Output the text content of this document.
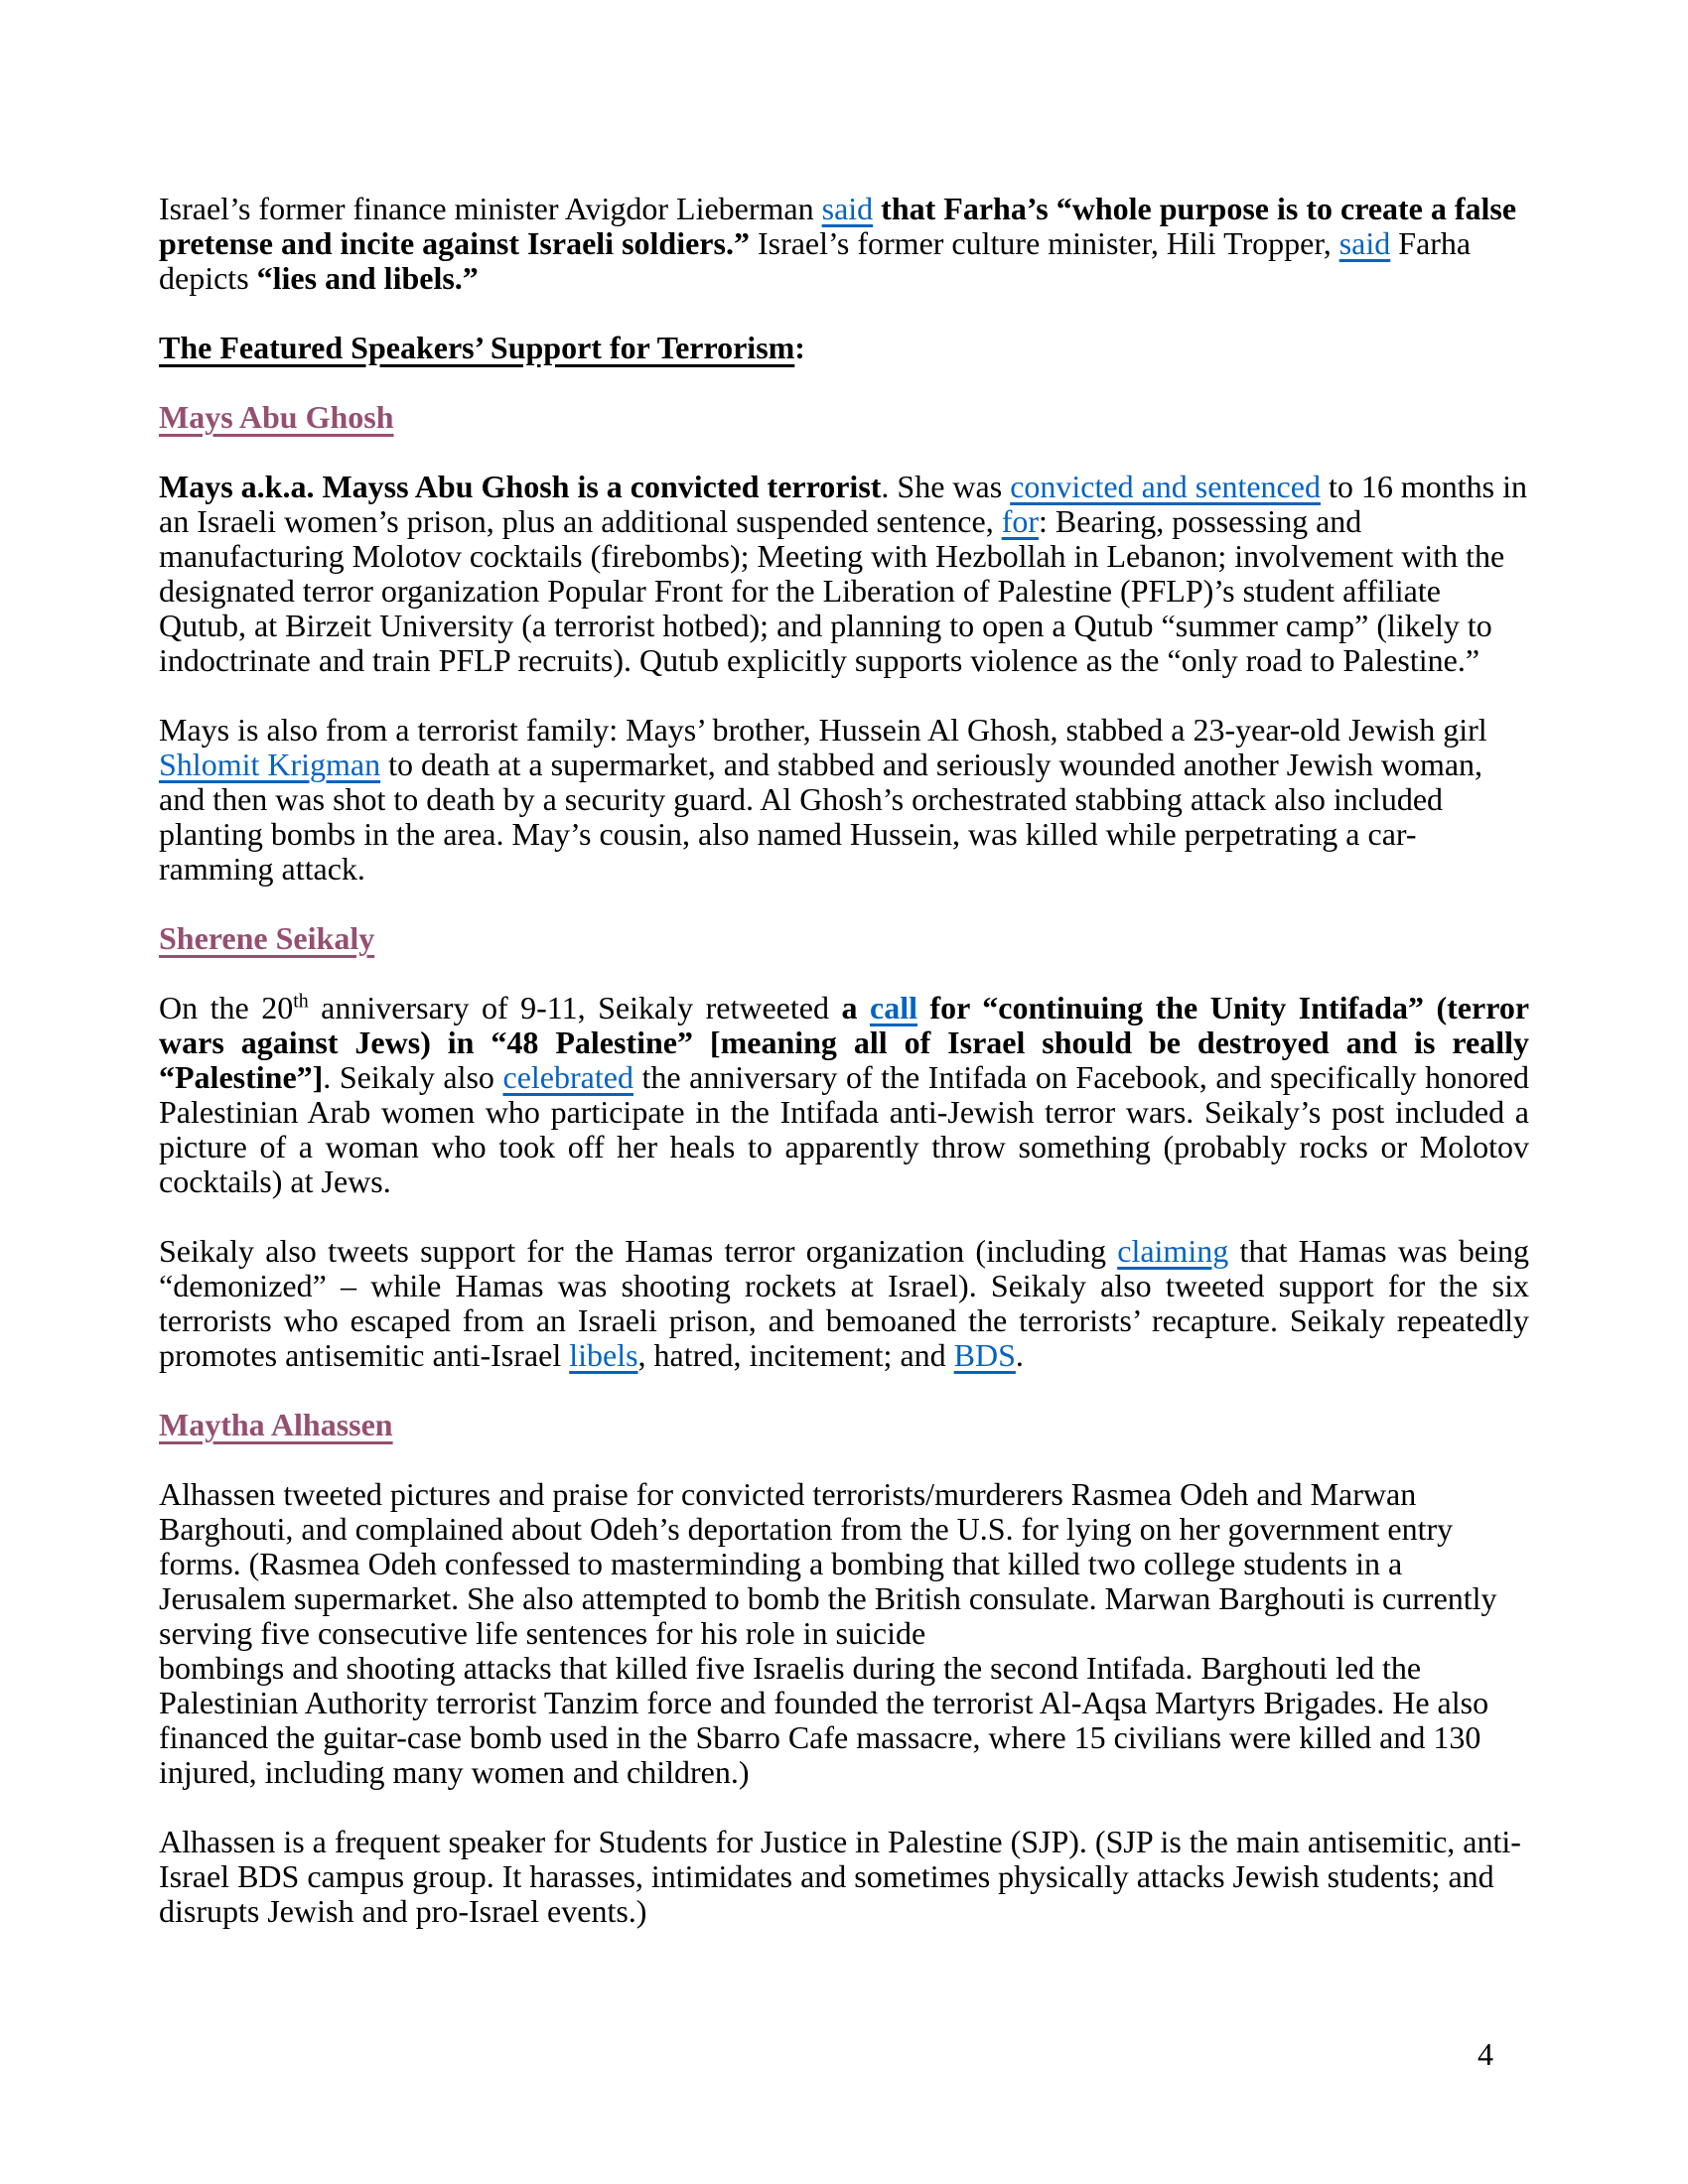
Israel’s former finance minister Avigdor Lieberman said that Farha’s “whole purpose is to create a false pretense and incite against Israeli soldiers.” Israel’s former culture minister, Hili Tropper, said Farha depicts “lies and libels.”

The Featured Speakers’ Support for Terrorism:

Mays Abu Ghosh

Mays a.k.a. Mayss Abu Ghosh is a convicted terrorist. She was convicted and sentenced to 16 months in an Israeli women’s prison, plus an additional suspended sentence, for: Bearing, possessing and manufacturing Molotov cocktails (firebombs); Meeting with Hezbollah in Lebanon; involvement with the designated terror organization Popular Front for the Liberation of Palestine (PFLP)’s student affiliate Qutub, at Birzeit University (a terrorist hotbed); and planning to open a Qutub “summer camp” (likely to indoctrinate and train PFLP recruits). Qutub explicitly supports violence as the “only road to Palestine.”

Mays is also from a terrorist family: Mays’ brother, Hussein Al Ghosh, stabbed a 23-year-old Jewish girl Shlomit Krigman to death at a supermarket, and stabbed and seriously wounded another Jewish woman, and then was shot to death by a security guard. Al Ghosh’s orchestrated stabbing attack also included planting bombs in the area. May’s cousin, also named Hussein, was killed while perpetrating a car-ramming attack.

Sherene Seikaly

On the 20th anniversary of 9-11, Seikaly retweeted a call for “continuing the Unity Intifada” (terror wars against Jews) in “48 Palestine” [meaning all of Israel should be destroyed and is really “Palestine”]. Seikaly also celebrated the anniversary of the Intifada on Facebook, and specifically honored Palestinian Arab women who participate in the Intifada anti-Jewish terror wars. Seikaly’s post included a picture of a woman who took off her heals to apparently throw something (probably rocks or Molotov cocktails) at Jews.

Seikaly also tweets support for the Hamas terror organization (including claiming that Hamas was being “demonized” – while Hamas was shooting rockets at Israel). Seikaly also tweeted support for the six terrorists who escaped from an Israeli prison, and bemoaned the terrorists’ recapture. Seikaly repeatedly promotes antisemitic anti-Israel libels, hatred, incitement; and BDS.

Maytha Alhassen

Alhassen tweeted pictures and praise for convicted terrorists/murderers Rasmea Odeh and Marwan Barghouti, and complained about Odeh’s deportation from the U.S. for lying on her government entry forms. (Rasmea Odeh confessed to masterminding a bombing that killed two college students in a Jerusalem supermarket. She also attempted to bomb the British consulate. Marwan Barghouti is currently serving five consecutive life sentences for his role in suicide
bombings and shooting attacks that killed five Israelis during the second Intifada. Barghouti led the Palestinian Authority terrorist Tanzim force and founded the terrorist Al-Aqsa Martyrs Brigades. He also financed the guitar-case bomb used in the Sbarro Cafe massacre, where 15 civilians were killed and 130 injured, including many women and children.)

Alhassen is a frequent speaker for Students for Justice in Palestine (SJP). (SJP is the main antisemitic, anti-Israel BDS campus group. It harasses, intimidates and sometimes physically attacks Jewish students; and disrupts Jewish and pro-Israel events.)

4
